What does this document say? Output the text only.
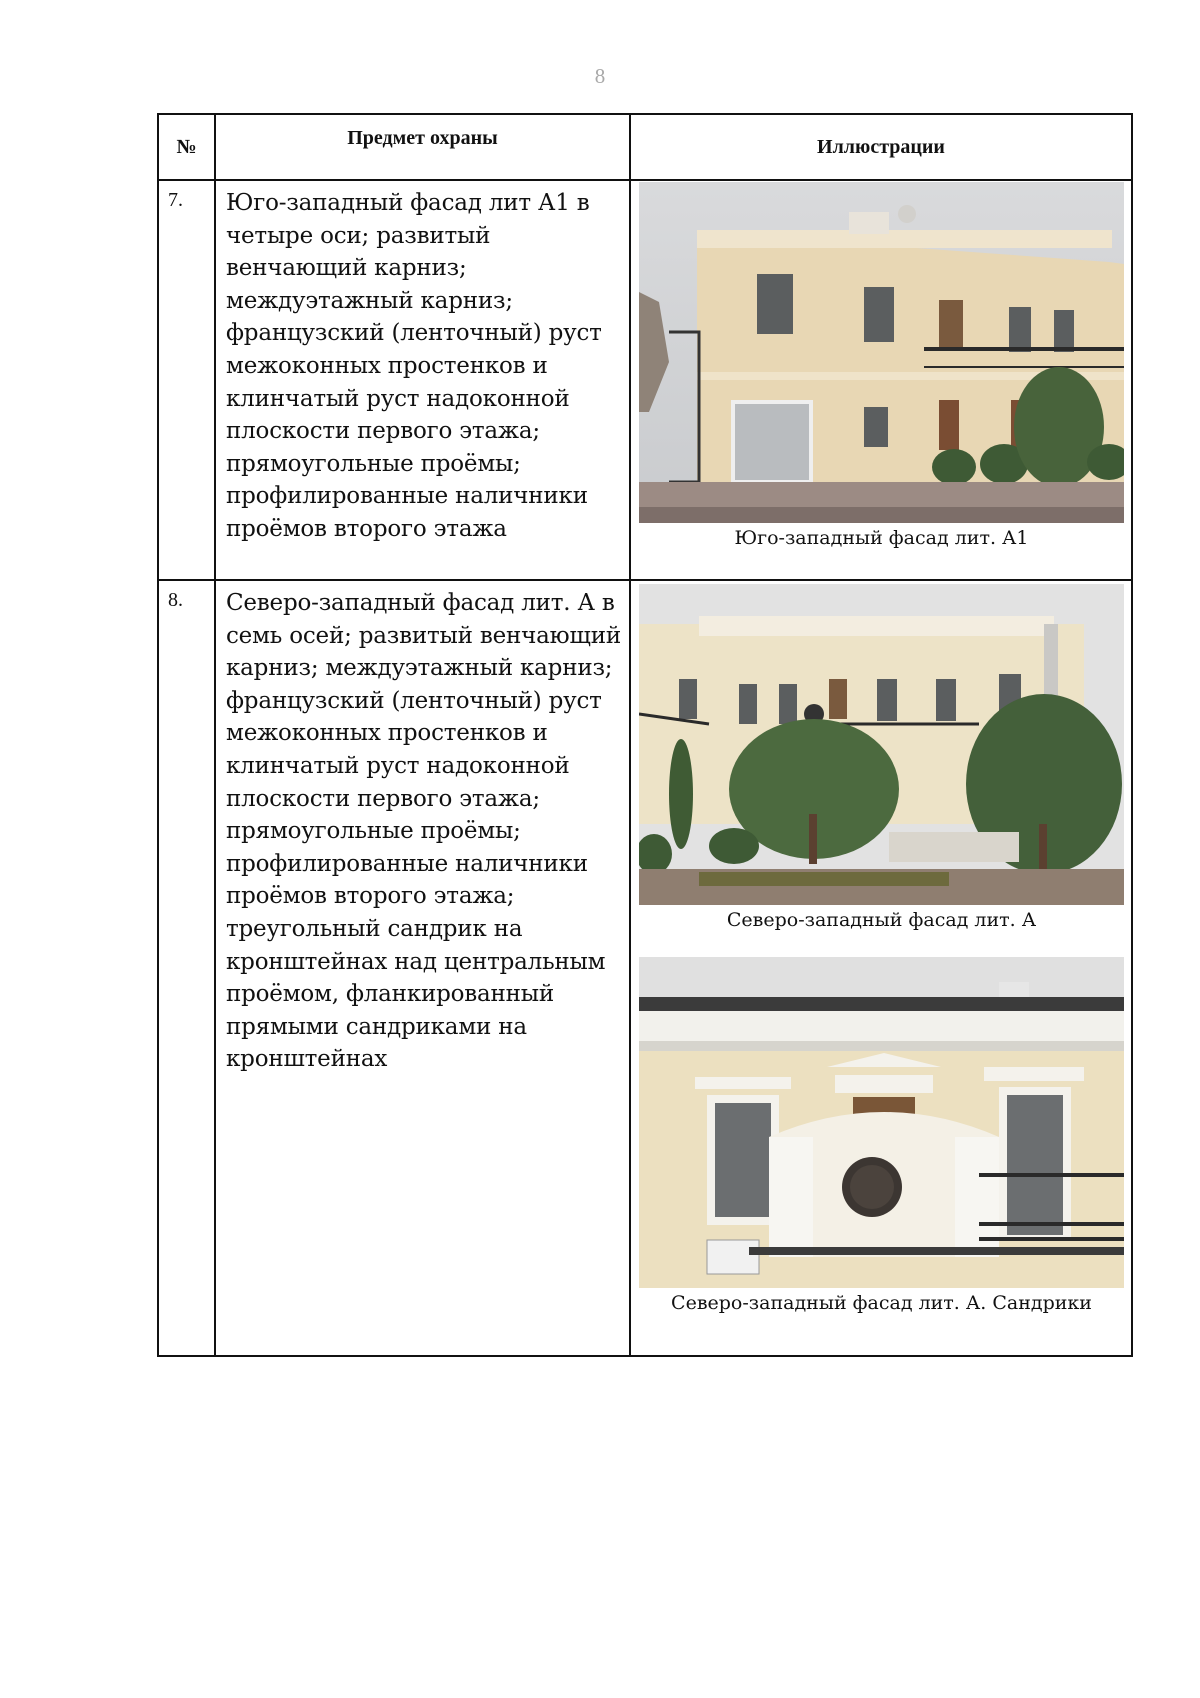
8
№	Предмет охраны	Иллюстрации
7.	Юго-западный фасад лит А1 в четыре оси; развитый венчающий карниз; междуэтажный карниз; французский (ленточный) руст межоконных простенков и клинчатый руст надоконной плоскости первого этажа; прямоугольные проёмы; профилированные наличники проёмов второго этажа	Юго-западный фасад лит. А1

8.	Северо-западный фасад лит. А в семь осей; развитый венчающий карниз; междуэтажный карниз; французский (ленточный) руст межоконных простенков и клинчатый руст надоконной плоскости первого этажа; прямоугольные проёмы; профилированные наличники проёмов второго этажа; треугольный сандрик на кронштейнах над центральным проёмом, фланкированный прямыми сандриками на кронштейнах	Северо-западный фасад лит. А
Северо-западный фасад лит. А. Сандрики
